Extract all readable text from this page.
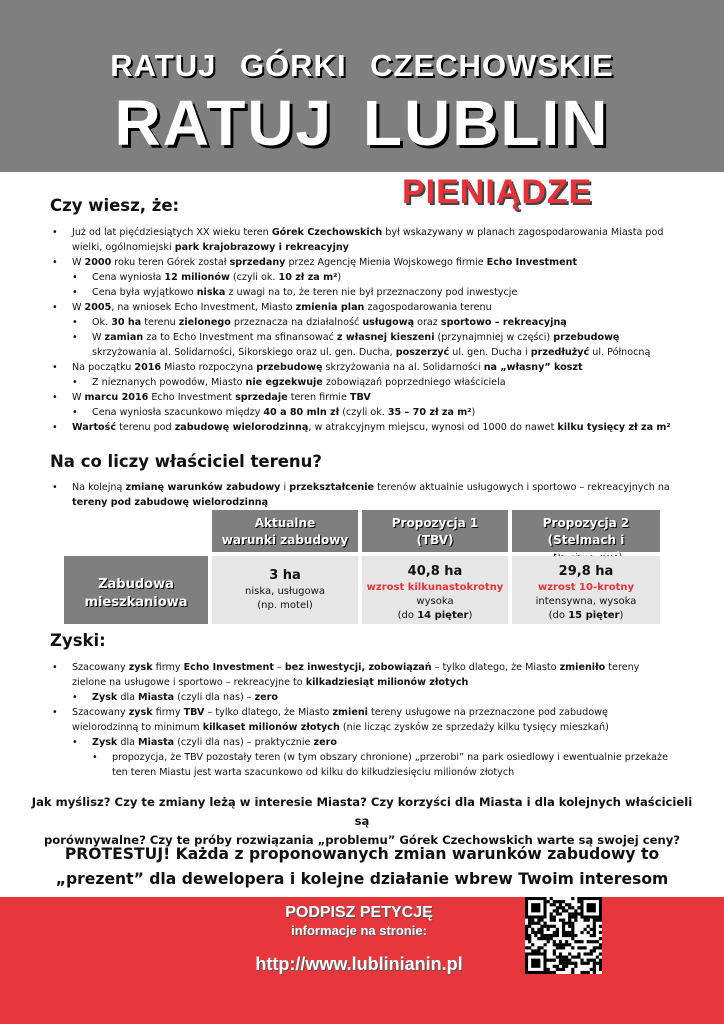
RATUJ GÓRKI CZECHOWSKIE
RATUJ LUBLIN
PIENIĄDZE
Czy wiesz, że:
• Już od lat pięćdziesiątych XX wieku teren Górek Czechowskich był wskazywany w planach zagospodarowania Miasta pod wielki, ogólnomiejski park krajobrazowy i rekreacyjny
• W 2000 roku teren Górek został sprzedany przez Agencję Mienia Wojskowego firmie Echo Investment
• Cena wyniosła 12 milionów (czyli ok. 10 zł za m²)
• Cena była wyjątkowo niska z uwagi na to, że teren nie był przeznaczony pod inwestycje
• W 2005, na wniosek Echo Investment, Miasto zmienia plan zagospodarowania terenu
• Ok. 30 ha terenu zielonego przeznacza na działalność usługową oraz sportowo – rekreacyjną
• W zamian za to Echo Investment ma sfinansować z własnej kieszeni (przynajmniej w części) przebudowę skrzyżowania al. Solidarności, Sikorskiego oraz ul. gen. Ducha, poszerzyć ul. gen. Ducha i przedłużyć ul. Północną
• Na początku 2016 Miasto rozpoczyna przebudowę skrzyżowania na al. Solidarności na „własny” koszt
• Z nieznanych powodów, Miasto nie egzekwuje zobowiązań poprzedniego właściciela
• W marcu 2016 Echo Investment sprzedaje teren firmie TBV
• Cena wyniosła szacunkowo między 40 a 80 mln zł (czyli ok. 35 – 70 zł za m²)
• Wartość terenu pod zabudowę wielorodzinną, w atrakcyjnym miejscu, wynosi od 1000 do nawet kilku tysięcy zł za m²
Na co liczy właściciel terenu?
• Na kolejną zmianę warunków zabudowy i przekształcenie terenów aktualnie usługowych i sportowo – rekreacyjnych na tereny pod zabudowę wielorodzinną
Aktualne
warunki zabudowy
Propozycja 1
(TBV)
Propozycja 2
(Stelmach i
Zabudowa
mieszkaniowa
3 ha
niska, usługowa
(np. motel)
40,8 ha
wzrost kilkunastokrotny
wysoka
(do 14 pięter)
29,8 ha
wzrost 10-krotny
intensywna, wysoka
(do 15 pięter)
Zyski:
• Szacowany zysk firmy Echo Investment – bez inwestycji, zobowiązań – tylko dlatego, że Miasto zmieniło tereny zielone na usługowe i sportowo – rekreacyjne to kilkadziesiąt milionów złotych
• Zysk dla Miasta (czyli dla nas) – zero
• Szacowany zysk firmy TBV – tylko dlatego, że Miasto zmieni tereny usługowe na przeznaczone pod zabudowę wielorodzinną to minimum kilkaset milionów złotych (nie licząc zysków ze sprzedaży kilku tysięcy mieszkań)
• Zysk dla Miasta (czyli dla nas) – praktycznie zero
• propozycja, że TBV pozostały teren (w tym obszary chronione) „przerobi” na park osiedlowy i ewentualnie przekaże ten teren Miastu jest warta szacunkowo od kilku do kilkudziesięciu milionów złotych
Jak myślisz? Czy te zmiany leżą w interesie Miasta? Czy korzyści dla Miasta i dla kolejnych właścicieli są
porównywalne? Czy te próby rozwiązania „problemu” Górek Czechowskich warte są swojej ceny?
PROTESTUJ! Każda z proponowanych zmian warunków zabudowy to
„prezent” dla dewelopera i kolejne działanie wbrew Twoim interesom
PODPISZ PETYCJĘ
informacje na stronie:
http://www.lublinianin.pl
